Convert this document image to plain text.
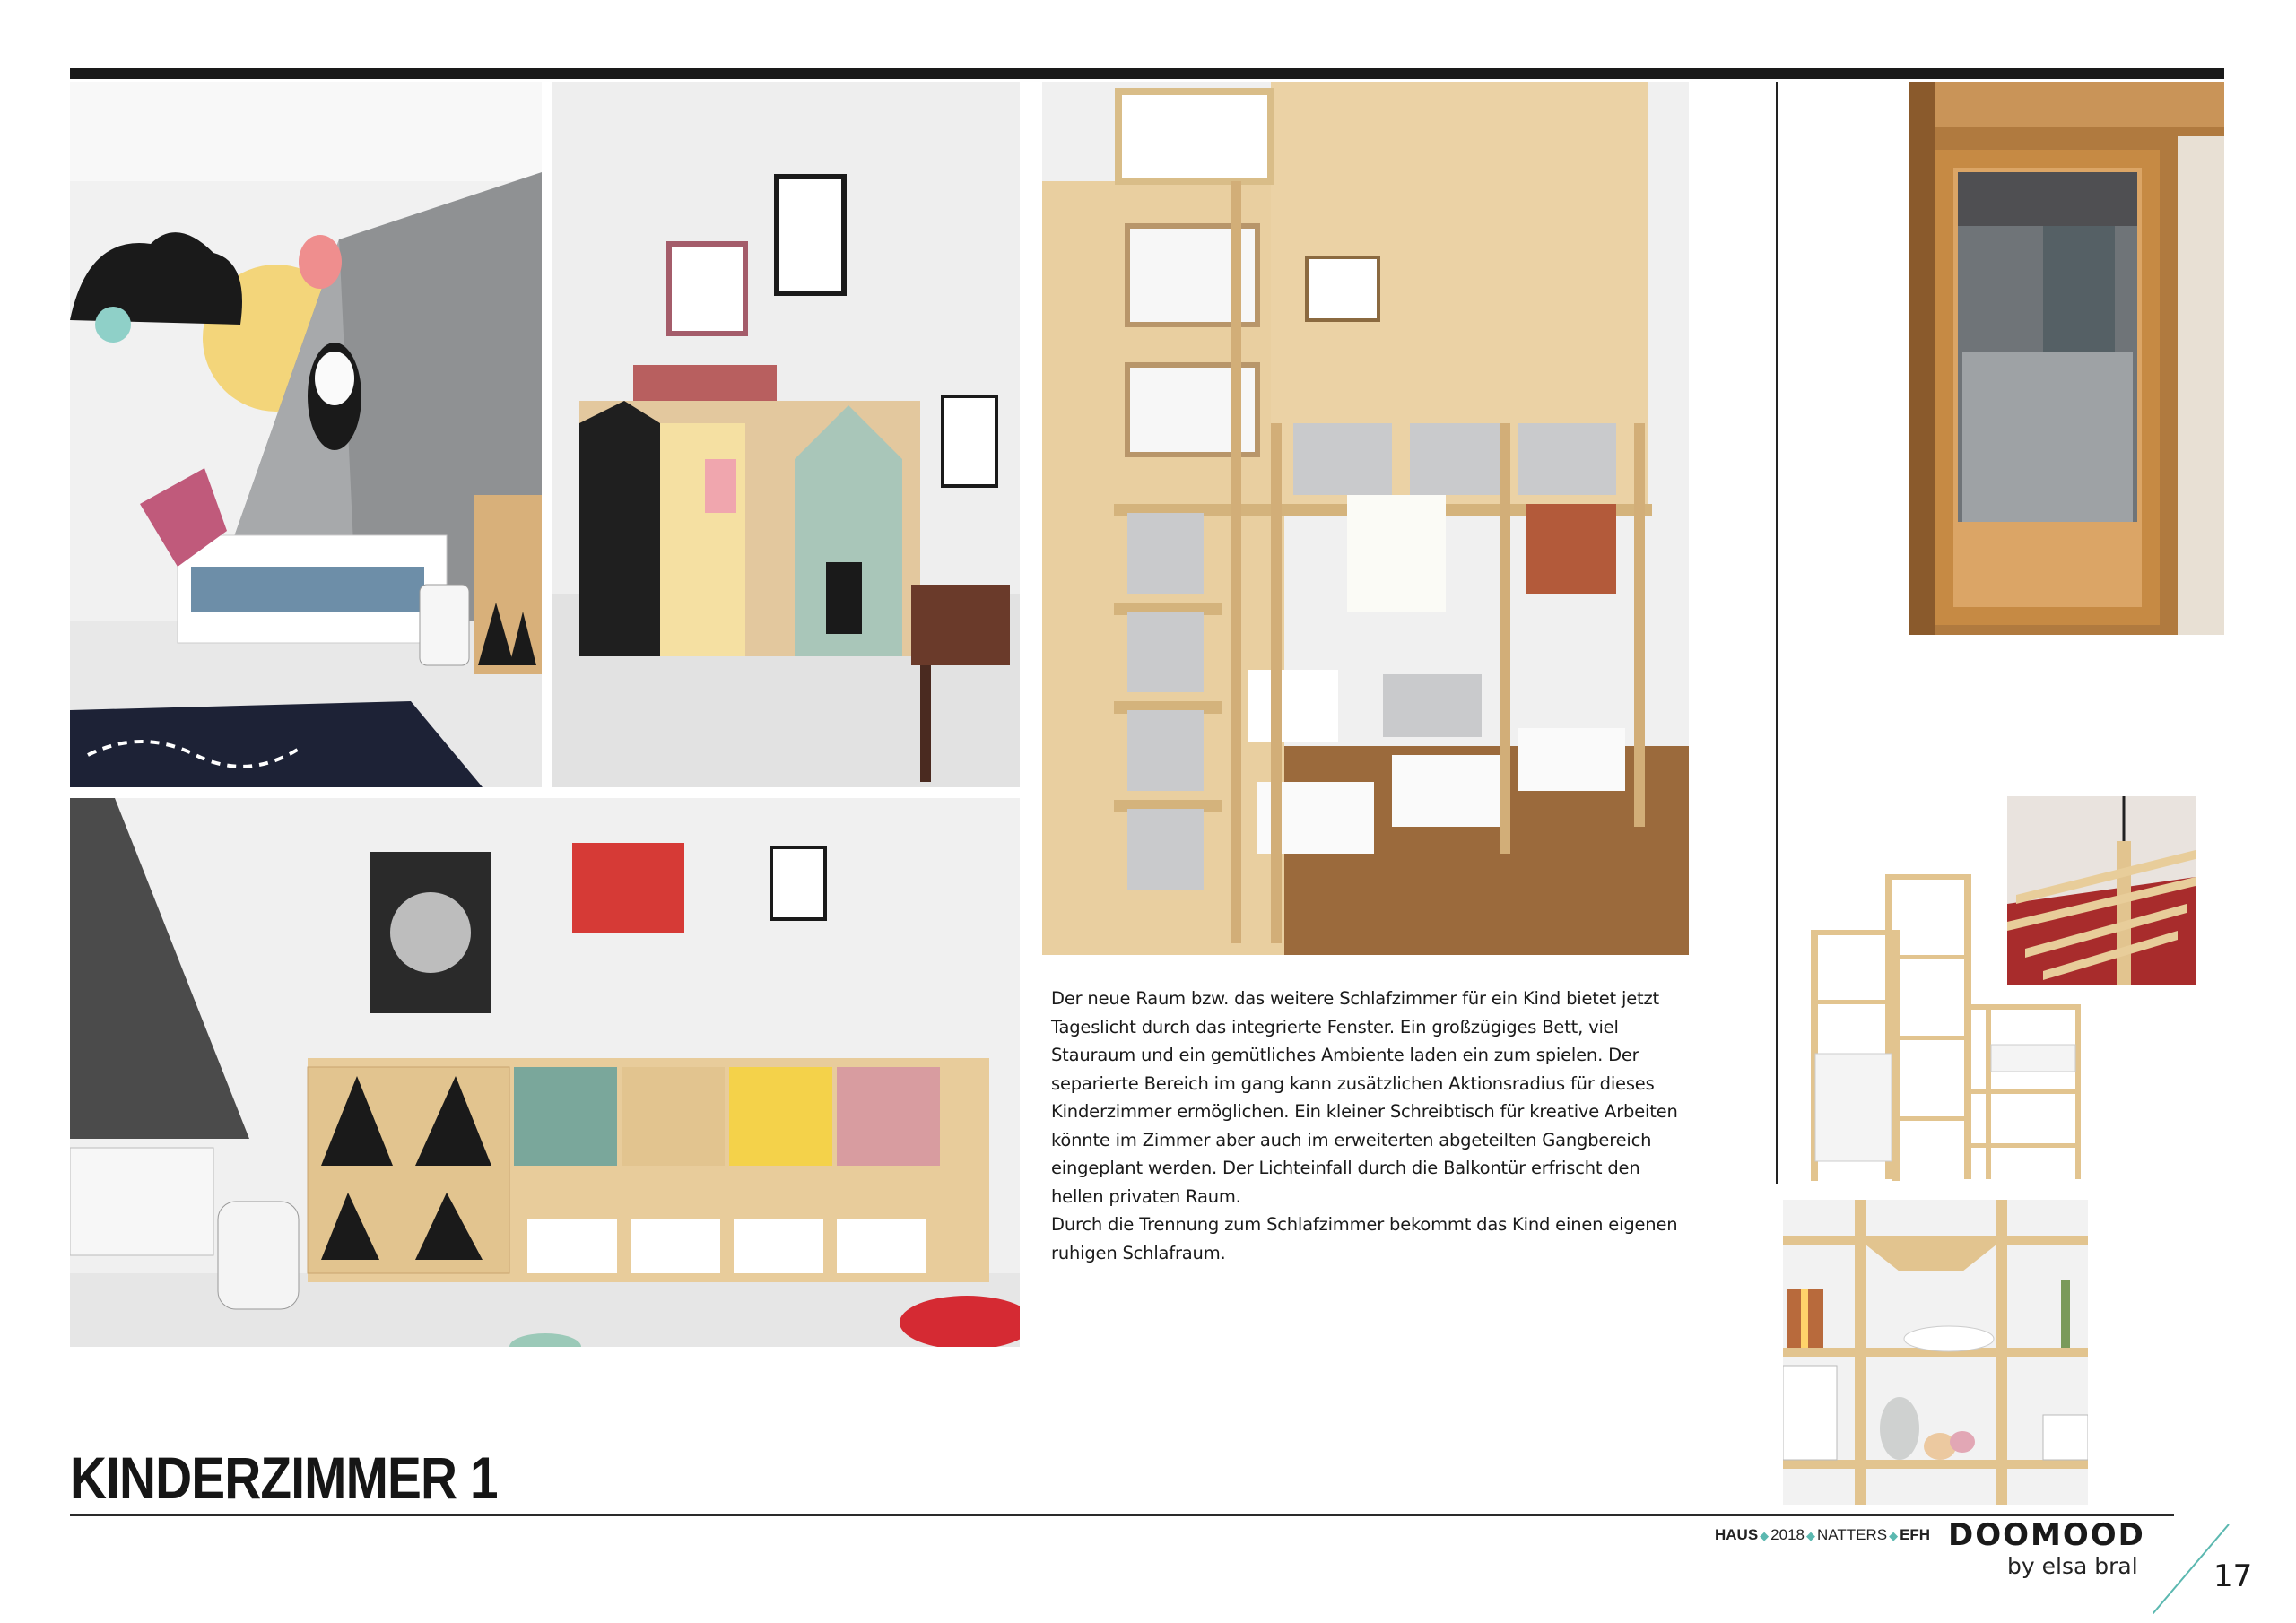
Der neue Raum bzw. das weitere Schlafzimmer für ein Kind bietet jetzt Tageslicht durch das integrierte Fenster. Ein großzügiges Bett, viel Stauraum und ein gemütliches Ambiente laden ein zum spielen. Der separierte Bereich im gang kann zusätzlichen Aktionsradius für dieses Kinderzimmer ermöglichen. Ein kleiner Schreibtisch für kreative Arbeiten könnte im Zimmer aber auch im erweiterten abgeteilten Gangbereich eingeplant werden. Der Lichteinfall durch die Balkontür erfrischt den hellen privaten Raum.

Durch die Trennung zum Schlafzimmer bekommt das Kind einen eigenen ruhigen Schlafraum.

KINDERZIMMER 1
HAUS ◆ 2018 ◆ NATTERS ◆ EFH DOOMOOD
by elsa bral 17
